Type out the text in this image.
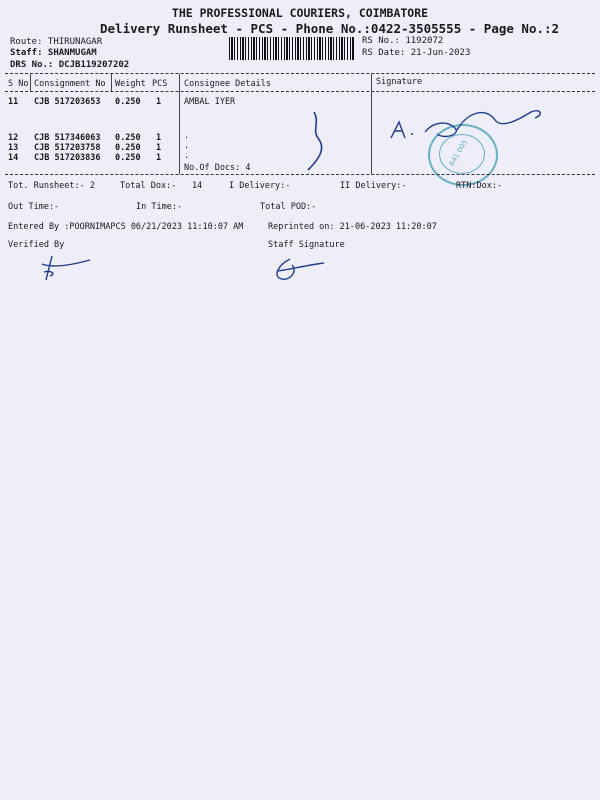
THE PROFESSIONAL COURIERS, COIMBATORE
Delivery Runsheet - PCS - Phone No.:0422-3505555 - Page No.:2
Route: THIRUNAGAR
Staff: SHANMUGAM
DRS No.: DCJB119207202
RS No.: 1192072
RS Date: 21-Jun-2023
S No Consignment No Weight PCS Consignee Details	Signature
11 CJB 517203653 0.250 1	AMBAL IYER
12 CJB 517346063 0.250 1	.
13 CJB 517203758 0.250 1	.
14 CJB 517203836 0.250 1	.
No.Of Docs: 4
641 005
Tot. Runsheet:- 2	Total Dox:- 14	I Delivery:-	II Delivery:-	RTN:Dox:-
Out Time:-	In Time:-	Total POD:-
Entered By :POORNIMAPCS 06/21/2023 11:10:07 AM	Reprinted on: 21-06-2023 11:20:07
Verified By	Staff Signature
